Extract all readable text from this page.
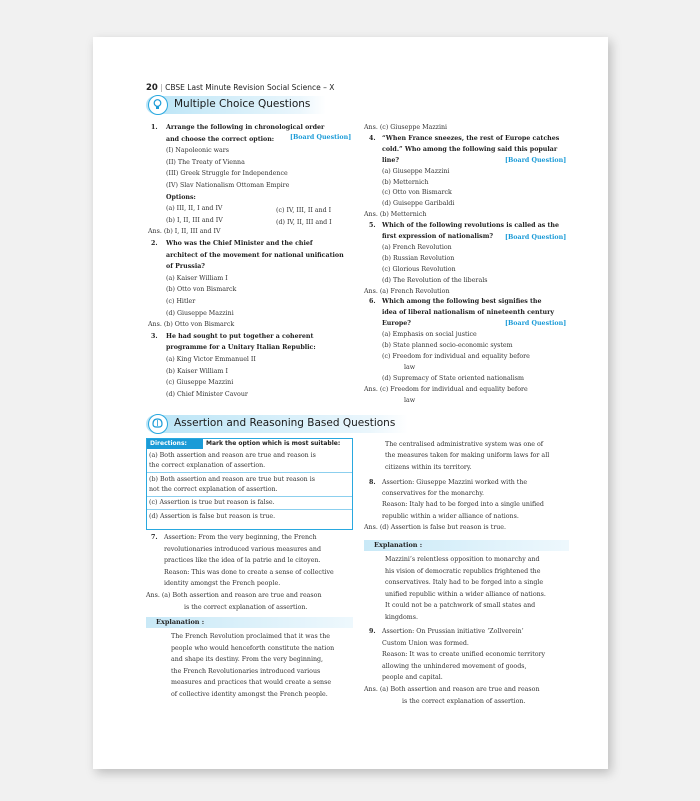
20 | CBSE Last Minute Revision Social Science – X
Multiple Choice Questions
1. Arrange the following in chronological order
and choose the correct option:
(I) Napoleonic wars
(II) The Treaty of Vienna
(III) Greek Struggle for Independence
(IV) Slav Nationalism Ottoman Empire
Options:
(a) III, II, I and IV
(b) I, II, III and IV
Ans. (b) I, II, III and IV
2. Who was the Chief Minister and the chief
architect of the movement for national unification
of Prussia?
(a) Kaiser William I
(b) Otto von Bismarck
(c) Hitler
(d) Giuseppe Mazzini
Ans. (b) Otto von Bismarck
3. He had sought to put together a coherent
programme for a Unitary Italian Republic:
(a) King Victor Emmanuel II
(b) Kaiser William I
(c) Giuseppe Mazzini
(d) Chief Minister Cavour
[Board Question]
(c) IV, III, II and I
(d) IV, II, III and I
Ans. (c) Giuseppe Mazzini
4. “When France sneezes, the rest of Europe catches
cold.” Who among the following said this popular
line?
(a) Giuseppe Mazzini
(b) Metternich
(c) Otto von Bismarck
(d) Guiseppe Garibaldi
Ans. (b) Metternich
5. Which of the following revolutions is called as the
first expression of nationalism?
(a) French Revolution
(b) Russian Revolution
(c) Glorious Revolution
(d) The Revolution of the liberals
Ans. (a) French Revolution
6. Which among the following best signifies the
idea of liberal nationalism of nineteenth century
Europe?
(a) Emphasis on social justice
(b) State planned socio-economic system
(c) Freedom for individual and equality before
law
(d) Supremacy of State oriented nationalism
Ans. (c) Freedom for individual and equality before
law
[Board Question]
[Board Question]
[Board Question]
Assertion and Reasoning Based Questions
Directions:	Mark the option which is most suitable:
(a) Both assertion and reason are true and reason is
the correct explanation of assertion.
(b) Both assertion and reason are true but reason is
not the correct explanation of assertion.
(c) Assertion is true but reason is false.
(d) Assertion is false but reason is true.
7. Assertion: From the very beginning, the French
revolutionaries introduced various measures and
practices like the idea of la patrie and le citoyen.
Reason: This was done to create a sense of collective
identity amongst the French people.
Ans. (a) Both assertion and reason are true and reason
is the correct explanation of assertion.
Explanation :
The French Revolution proclaimed that it was the
people who would henceforth constitute the nation
and shape its destiny. From the very beginning,
the French Revolutionaries introduced various
measures and practices that would create a sense
of collective identity amongst the French people.
The centralised administrative system was one of
the measures taken for making uniform laws for all
citizens within its territory.
8. Assertion: Giuseppe Mazzini worked with the
conservatives for the monarchy.
Reason: Italy had to be forged into a single unified
republic within a wider alliance of nations.
Ans. (d) Assertion is false but reason is true.
Mazzini’s relentless opposition to monarchy and
his vision of democratic republics frightened the
conservatives. Italy had to be forged into a single
unified republic within a wider alliance of nations.
It could not be a patchwork of small states and
kingdoms.
9. Assertion: On Prussian initiative ‘Zollverein’
Custom Union was formed.
Reason: It was to create unified economic territory
allowing the unhindered movement of goods,
people and capital.
Ans. (a) Both assertion and reason are true and reason
is the correct explanation of assertion.
Explanation :
